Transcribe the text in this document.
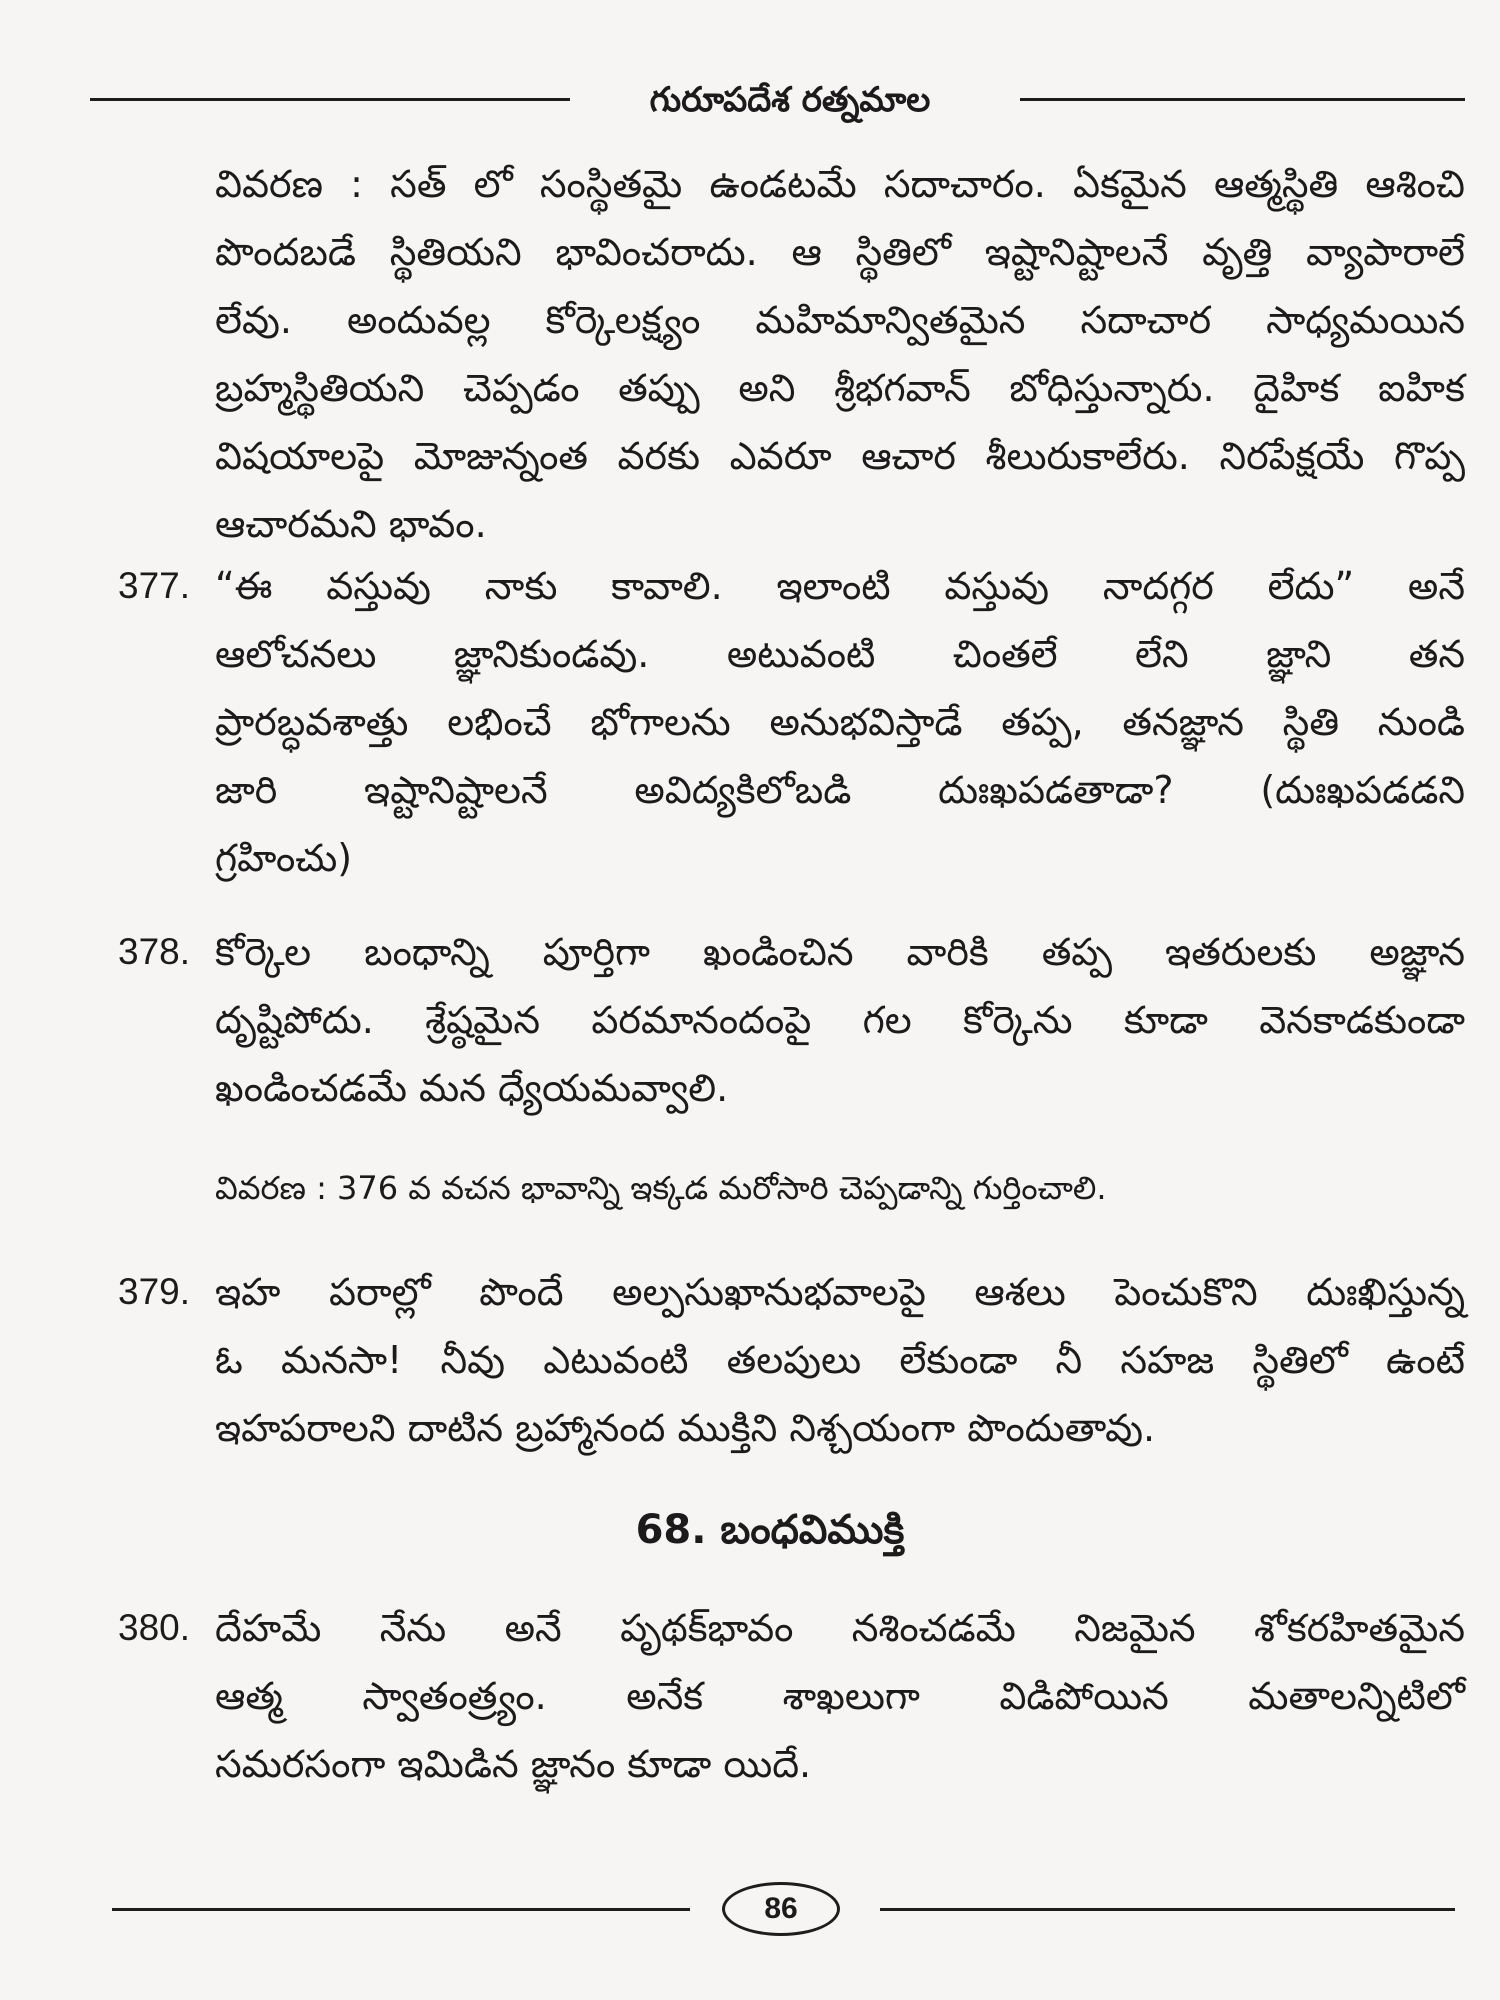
గురూపదేశ రత్నమాల
వివరణ : సత్ లో సంస్థితమై ఉండటమే సదాచారం. ఏకమైన ఆత్మస్థితి ఆశించి
పొందబడే స్థితియని భావించరాదు. ఆ స్థితిలో ఇష్టానిష్టాలనే వృత్తి వ్యాపారాలే
లేవు. అందువల్ల కోర్కెలక్ష్యం మహిమాన్వితమైన సదాచార సాధ్యమయిన
బ్రహ్మస్థితియని చెప్పడం తప్పు అని శ్రీభగవాన్ బోధిస్తున్నారు. దైహిక ఐహిక
విషయాలపై మోజున్నంత వరకు ఎవరూ ఆచార శీలురుకాలేరు. నిరపేక్షయే గొప్ప
ఆచారమని భావం.
377. “ఈ వస్తువు నాకు కావాలి. ఇలాంటి వస్తువు నాదగ్గర లేదు” అనే
ఆలోచనలు జ్ఞానికుండవు. అటువంటి చింతలే లేని జ్ఞాని తన
ప్రారబ్ధవశాత్తు లభించే భోగాలను అనుభవిస్తాడే తప్ప, తనజ్ఞాన స్థితి నుండి
జారి ఇష్టానిష్టాలనే అవిద్యకిలోబడి దుఃఖపడతాడా? (దుఃఖపడడని
గ్రహించు)
378. కోర్కెల బంధాన్ని పూర్తిగా ఖండించిన వారికి తప్ప ఇతరులకు అజ్ఞాన
దృష్టిపోదు. శ్రేష్ఠమైన పరమానందంపై గల కోర్కెను కూడా వెనకాడకుండా
ఖండించడమే మన ధ్యేయమవ్వాలి.
వివరణ : 376 వ వచన భావాన్ని ఇక్కడ మరోసారి చెప్పడాన్ని గుర్తించాలి.
379. ఇహ పరాల్లో పొందే అల్పసుఖానుభవాలపై ఆశలు పెంచుకొని దుఃఖిస్తున్న
ఓ మనసా! నీవు ఎటువంటి తలపులు లేకుండా నీ సహజ స్థితిలో ఉంటే
ఇహపరాలని దాటిన బ్రహ్మానంద ముక్తిని నిశ్చయంగా పొందుతావు.
68. బంధవిముక్తి
380. దేహమే నేను అనే పృథక్‌భావం నశించడమే నిజమైన శోకరహితమైన
ఆత్మ స్వాతంత్ర్యం. అనేక శాఖలుగా విడిపోయిన మతాలన్నిటిలో
సమరసంగా ఇమిడిన జ్ఞానం కూడా యిదే.
86
